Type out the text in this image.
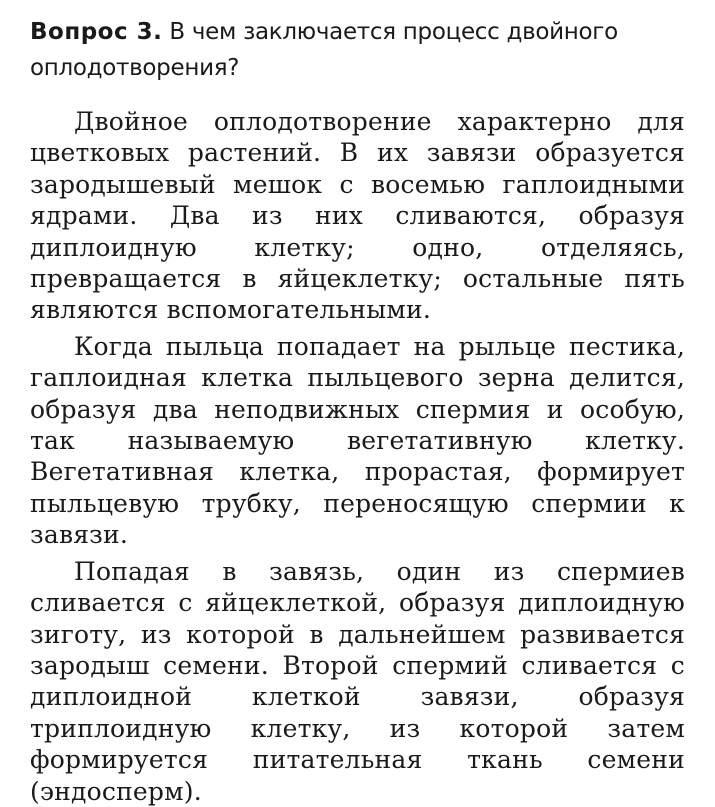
Вопрос 3. В чем заключается процесс двойного оплодотворения?

Двойное оплодотворение характерно для цветковых растений. В их завязи образуется зародышевый мешок с восемью гаплоидными ядрами. Два из них сливаются, образуя диплоидную клетку; одно, отделяясь, превращается в яйцеклетку; остальные пять являются вспомогательными.

Когда пыльца попадает на рыльце пестика, гаплоидная клетка пыльцевого зерна делится, образуя два неподвижных спермия и особую, так называемую вегетативную клетку. Вегетативная клетка, прорастая, формирует пыльцевую трубку, переносящую спермии к завязи.

Попадая в завязь, один из спермиев сливается с яйцеклеткой, образуя диплоидную зиготу, из которой в дальнейшем развивается зародыш семени. Второй спермий сливается с диплоидной клеткой завязи, образуя триплоидную клетку, из которой затем формируется питательная ткань семени (эндосперм).
